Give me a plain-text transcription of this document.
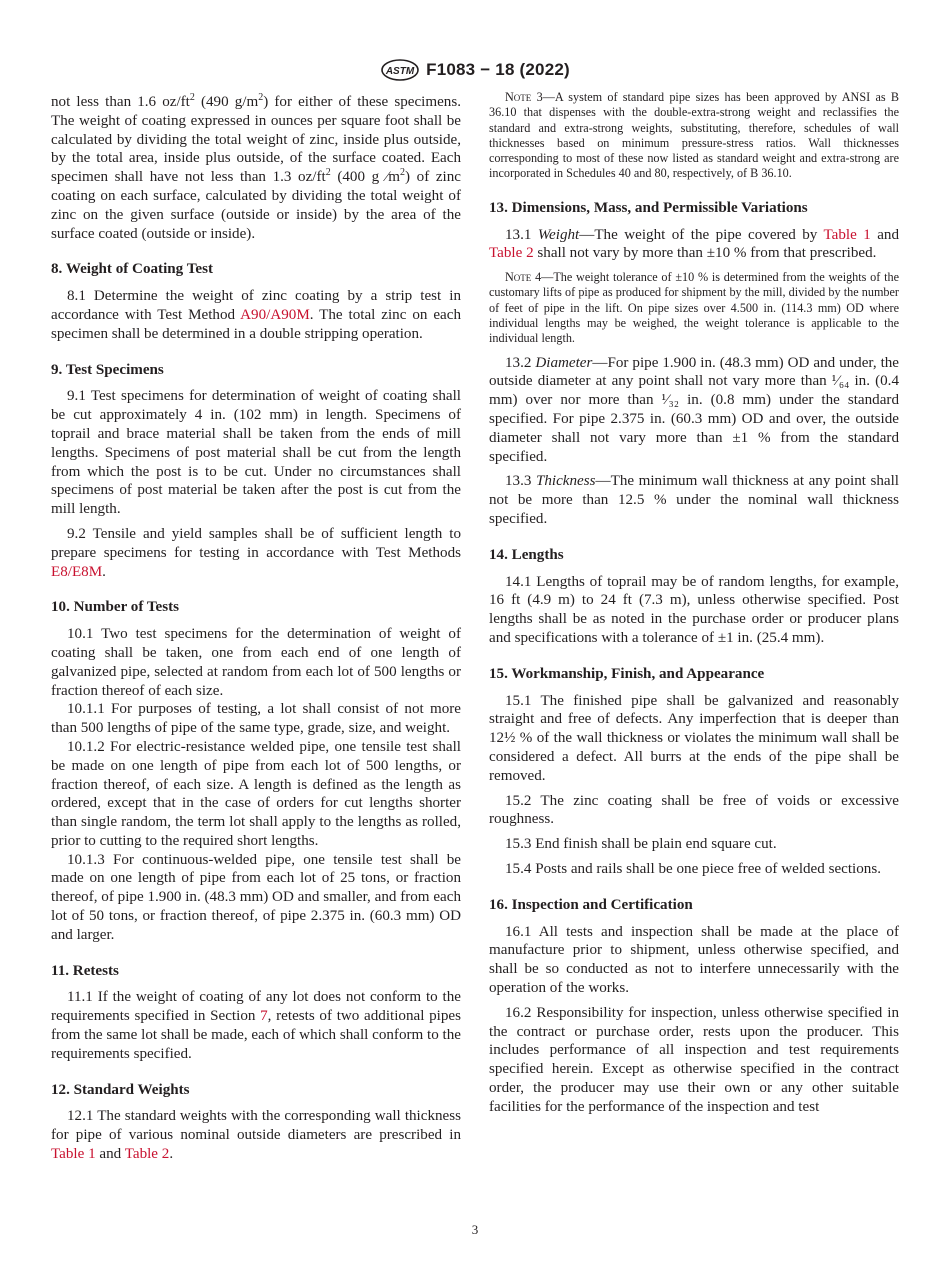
ASTM F1083 − 18 (2022)

not less than 1.6 $oz/ft^2$ (490 $g/m^2$) for either of these specimens. The weight of coating expressed in ounces per square foot shall be calculated by dividing the total weight of zinc, inside plus outside, by the total area, inside plus outside, of the surface coated. Each specimen shall have not less than 1.3 $oz/ft^2$ (400 g $⁄m^2$) of zinc coating on each surface, calculated by dividing the total weight of zinc on the given surface (outside or inside) by the area of the surface coated (outside or inside).

8. Weight of Coating Test

8.1 Determine the weight of zinc coating by a strip test in accordance with Test Method A90/A90M. The total zinc on each specimen shall be determined in a double stripping operation.

9. Test Specimens

9.1 Test specimens for determination of weight of coating shall be cut approximately 4 in. (102 mm) in length. Specimens of toprail and brace material shall be taken from the ends of mill lengths. Specimens of post material shall be cut from the length from which the post is to be cut. Under no circumstances shall specimens of post material be taken after the post is cut from the mill length.

9.2 Tensile and yield samples shall be of sufficient length to prepare specimens for testing in accordance with Test Methods E8/E8M.

10. Number of Tests

10.1 Two test specimens for the determination of weight of coating shall be taken, one from each end of one length of galvanized pipe, selected at random from each lot of 500 lengths or fraction thereof of each size.

10.1.1 For purposes of testing, a lot shall consist of not more than 500 lengths of pipe of the same type, grade, size, and weight.

10.1.2 For electric-resistance welded pipe, one tensile test shall be made on one length of pipe from each lot of 500 lengths, or fraction thereof, of each size. A length is defined as the length as ordered, except that in the case of orders for cut lengths shorter than single random, the term lot shall apply to the lengths as rolled, prior to cutting to the required short lengths.

10.1.3 For continuous-welded pipe, one tensile test shall be made on one length of pipe from each lot of 25 tons, or fraction thereof, of pipe 1.900 in. (48.3 mm) OD and smaller, and from each lot of 50 tons, or fraction thereof, of pipe 2.375 in. (60.3 mm) OD and larger.

11. Retests

11.1 If the weight of coating of any lot does not conform to the requirements specified in Section 7, retests of two additional pipes from the same lot shall be made, each of which shall conform to the requirements specified.

12. Standard Weights

12.1 The standard weights with the corresponding wall thickness for pipe of various nominal outside diameters are prescribed in Table 1 and Table 2.

Note 3—A system of standard pipe sizes has been approved by ANSI as B 36.10 that dispenses with the double-extra-strong weight and reclassifies the standard and extra-strong weights, substituting, therefore, schedules of wall thicknesses based on minimum pressure-stress ratios. Wall thicknesses corresponding to most of these now listed as standard weight and extra-strong are incorporated in Schedules 40 and 80, respectively, of B 36.10.

13. Dimensions, Mass, and Permissible Variations

13.1 Weight—The weight of the pipe covered by Table 1 and Table 2 shall not vary by more than ±10 % from that prescribed.

Note 4—The weight tolerance of ±10 % is determined from the weights of the customary lifts of pipe as produced for shipment by the mill, divided by the number of feet of pipe in the lift. On pipe sizes over 4.500 in. (114.3 mm) OD where individual lengths may be weighed, the weight tolerance is applicable to the individual length.

13.2 Diameter—For pipe 1.900 in. (48.3 mm) OD and under, the outside diameter at any point shall not vary more than ¹⁄₆₄ in. (0.4 mm) over nor more than ¹⁄₃₂ in. (0.8 mm) under the standard specified. For pipe 2.375 in. (60.3 mm) OD and over, the outside diameter shall not vary more than ±1 % from the standard specified.

13.3 Thickness—The minimum wall thickness at any point shall not be more than 12.5 % under the nominal wall thickness specified.

14. Lengths

14.1 Lengths of toprail may be of random lengths, for example, 16 ft (4.9 m) to 24 ft (7.3 m), unless otherwise specified. Post lengths shall be as noted in the purchase order or producer plans and specifications with a tolerance of ±1 in. (25.4 mm).

15. Workmanship, Finish, and Appearance

15.1 The finished pipe shall be galvanized and reasonably straight and free of defects. Any imperfection that is deeper than 12½ % of the wall thickness or violates the minimum wall shall be considered a defect. All burrs at the ends of the pipe shall be removed.

15.2 The zinc coating shall be free of voids or excessive roughness.

15.3 End finish shall be plain end square cut.

15.4 Posts and rails shall be one piece free of welded sections.

16. Inspection and Certification

16.1 All tests and inspection shall be made at the place of manufacture prior to shipment, unless otherwise specified, and shall be so conducted as not to interfere unnecessarily with the operation of the works.

16.2 Responsibility for inspection, unless otherwise specified in the contract or purchase order, rests upon the producer. This includes performance of all inspection and test requirements specified herein. Except as otherwise specified in the contract order, the producer may use their own or any other suitable facilities for the performance of the inspection and test

3
